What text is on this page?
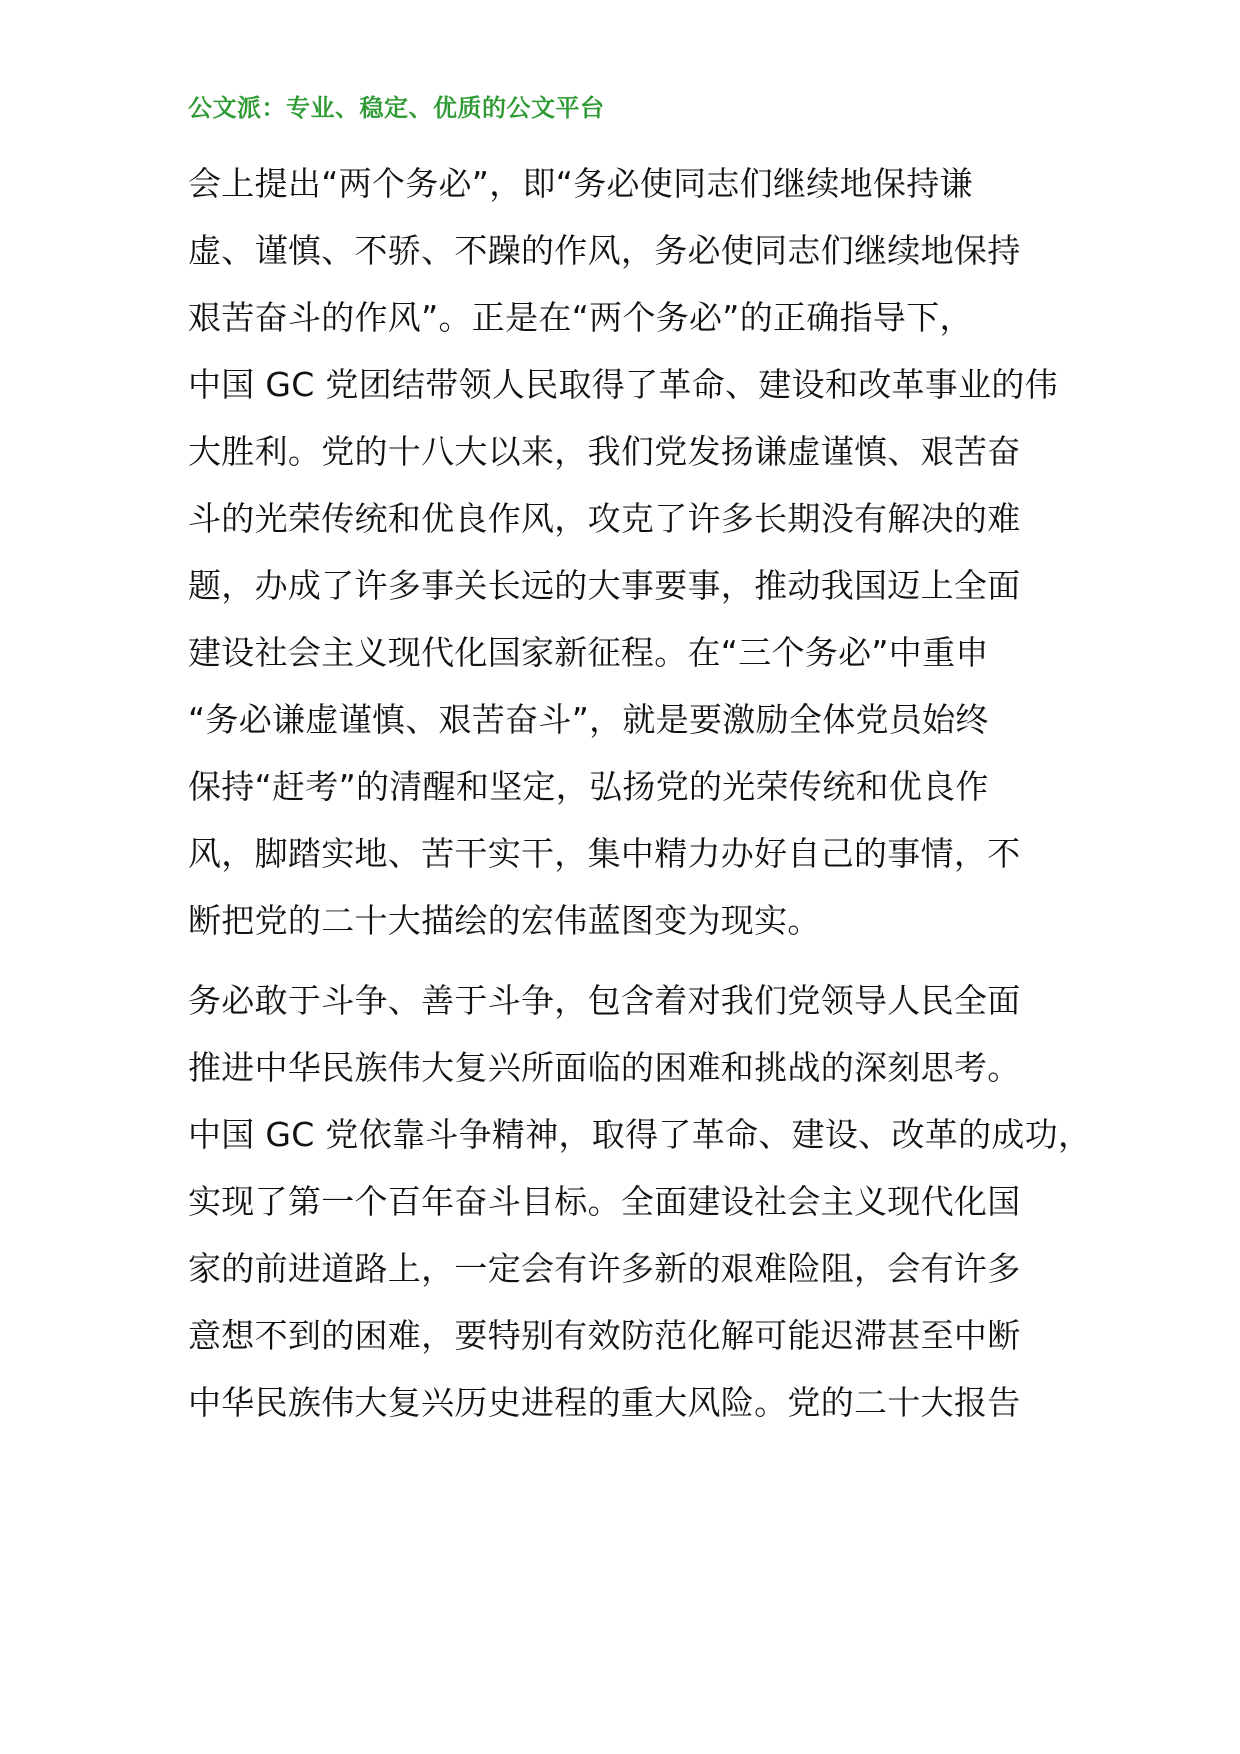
公文派：专业、稳定、优质的公文平台
会上提出“两个务必”，即“务必使同志们继续地保持谦
虚、谨慎、不骄、不躁的作风，务必使同志们继续地保持
艰苦奋斗的作风”。正是在“两个务必”的正确指导下，
中国 GC 党团结带领人民取得了革命、建设和改革事业的伟
大胜利。党的十八大以来，我们党发扬谦虚谨慎、艰苦奋
斗的光荣传统和优良作风，攻克了许多长期没有解决的难
题，办成了许多事关长远的大事要事，推动我国迈上全面
建设社会主义现代化国家新征程。在“三个务必”中重申
“务必谦虚谨慎、艰苦奋斗”，就是要激励全体党员始终
保持“赶考”的清醒和坚定，弘扬党的光荣传统和优良作
风，脚踏实地、苦干实干，集中精力办好自己的事情，不
断把党的二十大描绘的宏伟蓝图变为现实。
务必敢于斗争、善于斗争，包含着对我们党领导人民全面
推进中华民族伟大复兴所面临的困难和挑战的深刻思考。
中国 GC 党依靠斗争精神，取得了革命、建设、改革的成功，
实现了第一个百年奋斗目标。全面建设社会主义现代化国
家的前进道路上，一定会有许多新的艰难险阻，会有许多
意想不到的困难，要特别有效防范化解可能迟滞甚至中断
中华民族伟大复兴历史进程的重大风险。党的二十大报告
